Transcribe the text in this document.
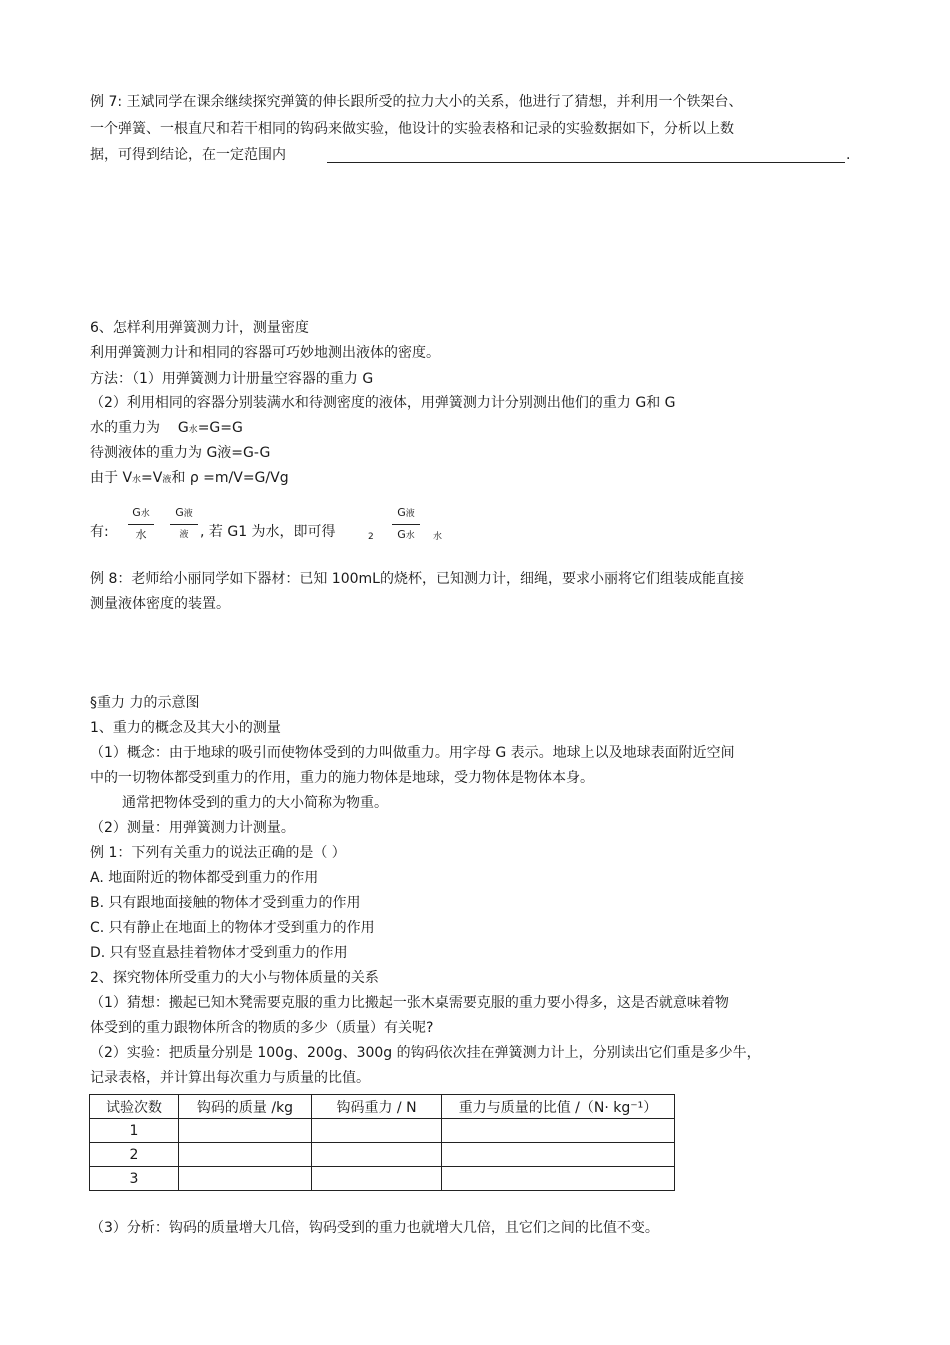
例 7: 王斌同学在课余继续探究弹簧的伸长跟所受的拉力大小的关系，他进行了猜想，并利用一个铁架台、
一个弹簧、一根直尺和若干相同的钩码来做实验，他设计的实验表格和记录的实验数据如下，分析以上数
据，可得到结论，在一定范围内	.
6、怎样利用弹簧测力计，测量密度
利用弹簧测力计和相同的容器可巧妙地测出液体的密度。
方法：（1）用弹簧测力计册量空容器的重力 G
（2）利用相同的容器分别装满水和待测密度的液体，用弹簧测力计分别测出他们的重力 G和 G
水的重力为 G水=G=G
待测液体的重力为 G液=G-G
由于 V水=V液和 ρ =m/V=G/Vg
有:
G水
水
G液
液 , 若 G1 为水，即可得	2
G液
G水	水
例 8：老师给小丽同学如下器材：已知 100mL的烧杯，已知测力计，细绳，要求小丽将它们组装成能直接
测量液体密度的装置。
§重力 力的示意图
1、重力的概念及其大小的测量
（1）概念：由于地球的吸引而使物体受到的力叫做重力。用字母 G 表示。地球上以及地球表面附近空间
中的一切物体都受到重力的作用，重力的施力物体是地球，受力物体是物体本身。
通常把物体受到的重力的大小简称为物重。
（2）测量：用弹簧测力计测量。
例 1：下列有关重力的说法正确的是（ ）
A. 地面附近的物体都受到重力的作用
B. 只有跟地面接触的物体才受到重力的作用
C. 只有静止在地面上的物体才受到重力的作用
D. 只有竖直悬挂着物体才受到重力的作用
2、探究物体所受重力的大小与物体质量的关系
（1）猜想：搬起已知木凳需要克服的重力比搬起一张木桌需要克服的重力要小得多，这是否就意味着物
体受到的重力跟物体所含的物质的多少（质量）有关呢?
（2）实验：把质量分别是 100g、200g、300g 的钩码依次挂在弹簧测力计上，分别读出它们重是多少牛，
记录表格，并计算出每次重力与质量的比值。
试验次数	钩码的质量 /kg	钩码重力 / N	重力与质量的比值 /（N· kg⁻¹）
1			
2			
3			
（3）分析：钩码的质量增大几倍，钩码受到的重力也就增大几倍，且它们之间的比值不变。
